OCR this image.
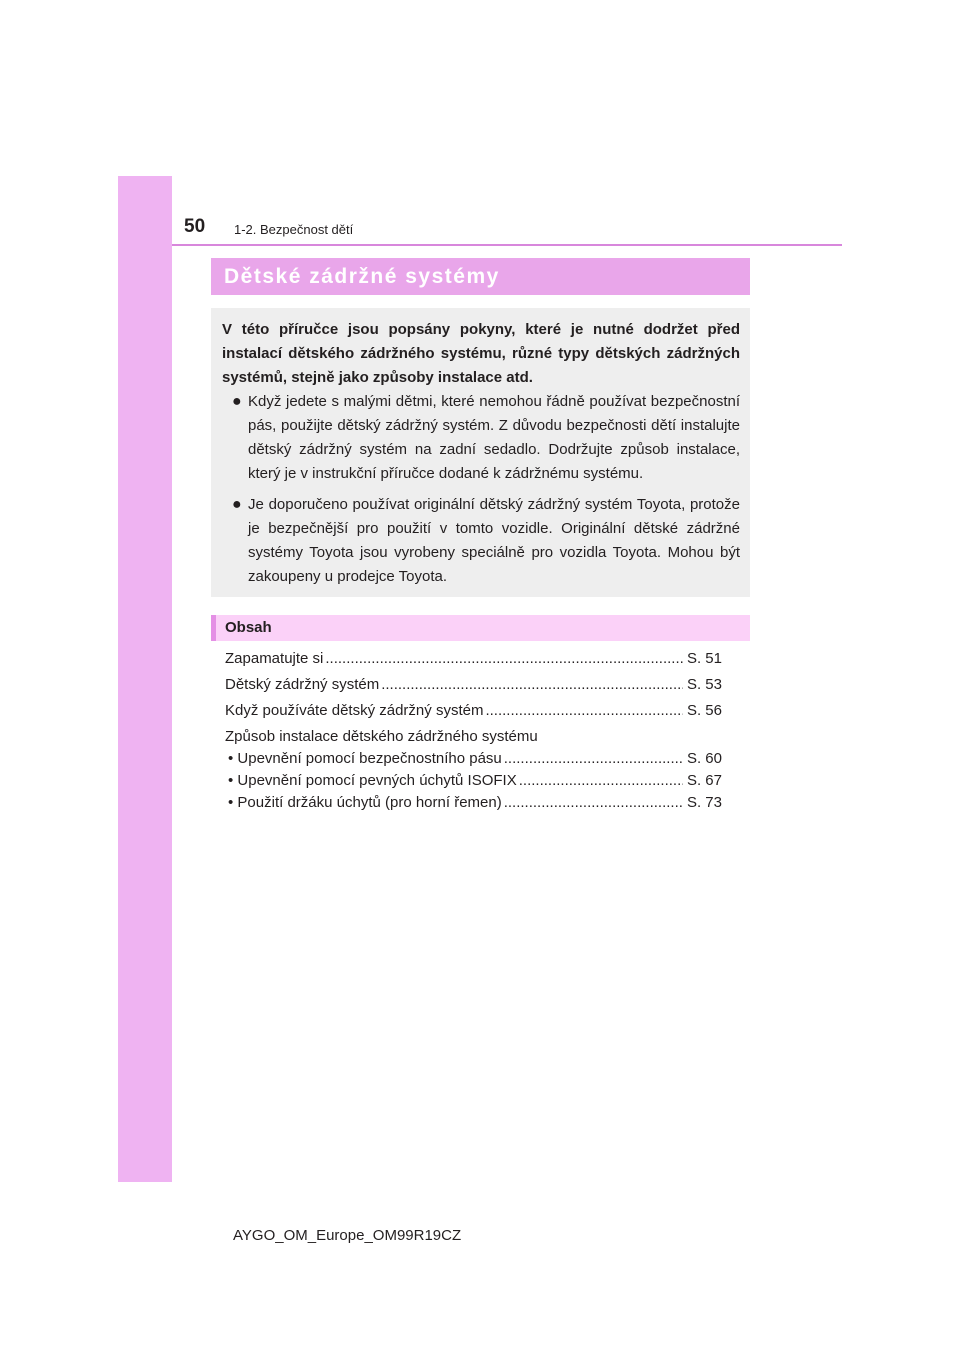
50 1-2. Bezpečnost dětí
Dětské zádržné systémy

V této příručce jsou popsány pokyny, které je nutné dodržet před instalací dětského zádržného systému, různé typy dětských zádržných systémů, stejně jako způsoby instalace atd.

● Když jedete s malými dětmi, které nemohou řádně používat bezpečnostní pás, použijte dětský zádržný systém. Z důvodu bezpečnosti dětí instalujte dětský zádržný systém na zadní sedadlo. Dodržujte způsob instalace, který je v instrukční příručce dodané k zádržnému systému.
● Je doporučeno používat originální dětský zádržný systém Toyota, protože je bezpečnější pro použití v tomto vozidle. Originální dětské zádržné systémy Toyota jsou vyrobeny speciálně pro vozidla Toyota. Mohou být zakoupeny u prodejce Toyota.
Obsah
Zapamatujte si .....	S. 51
Dětský zádržný systém .....	S. 53
Když používáte dětský zádržný systém .....	S. 56
Způsob instalace dětského zádržného systému
• Upevnění pomocí bezpečnostního pásu .....	S. 60
• Upevnění pomocí pevných úchytů ISOFIX .....	S. 67
• Použití držáku úchytů (pro horní řemen) .....	S. 73
AYGO_OM_Europe_OM99R19CZ
